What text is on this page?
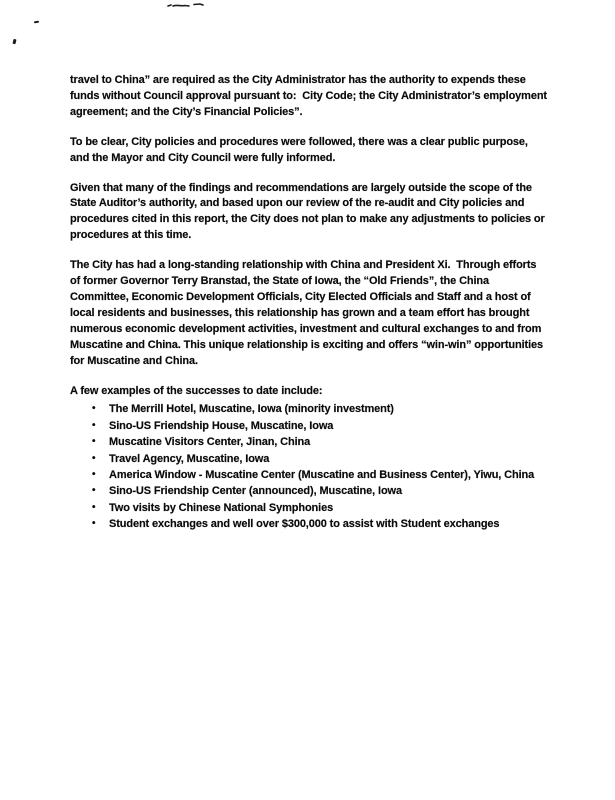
travel to China” are required as the City Administrator has the authority to expends these funds without Council approval pursuant to:  City Code; the City Administrator’s employment agreement; and the City’s Financial Policies”.

To be clear, City policies and procedures were followed, there was a clear public purpose, and the Mayor and City Council were fully informed.

Given that many of the findings and recommendations are largely outside the scope of the State Auditor’s authority, and based upon our review of the re-audit and City policies and procedures cited in this report, the City does not plan to make any adjustments to policies or procedures at this time.

The City has had a long-standing relationship with China and President Xi.  Through efforts of former Governor Terry Branstad, the State of Iowa, the “Old Friends”, the China Committee, Economic Development Officials, City Elected Officials and Staff and a host of local residents and businesses, this relationship has grown and a team effort has brought numerous economic development activities, investment and cultural exchanges to and from Muscatine and China. This unique relationship is exciting and offers “win-win” opportunities for Muscatine and China.

A few examples of the successes to date include:

•	The Merrill Hotel, Muscatine, Iowa (minority investment)
•	Sino-US Friendship House, Muscatine, Iowa
•	Muscatine Visitors Center, Jinan, China
•	Travel Agency, Muscatine, Iowa
•	America Window - Muscatine Center (Muscatine and Business Center), Yiwu, China
•	Sino-US Friendship Center (announced), Muscatine, Iowa
•	Two visits by Chinese National Symphonies
•	Student exchanges and well over $300,000 to assist with Student exchanges
